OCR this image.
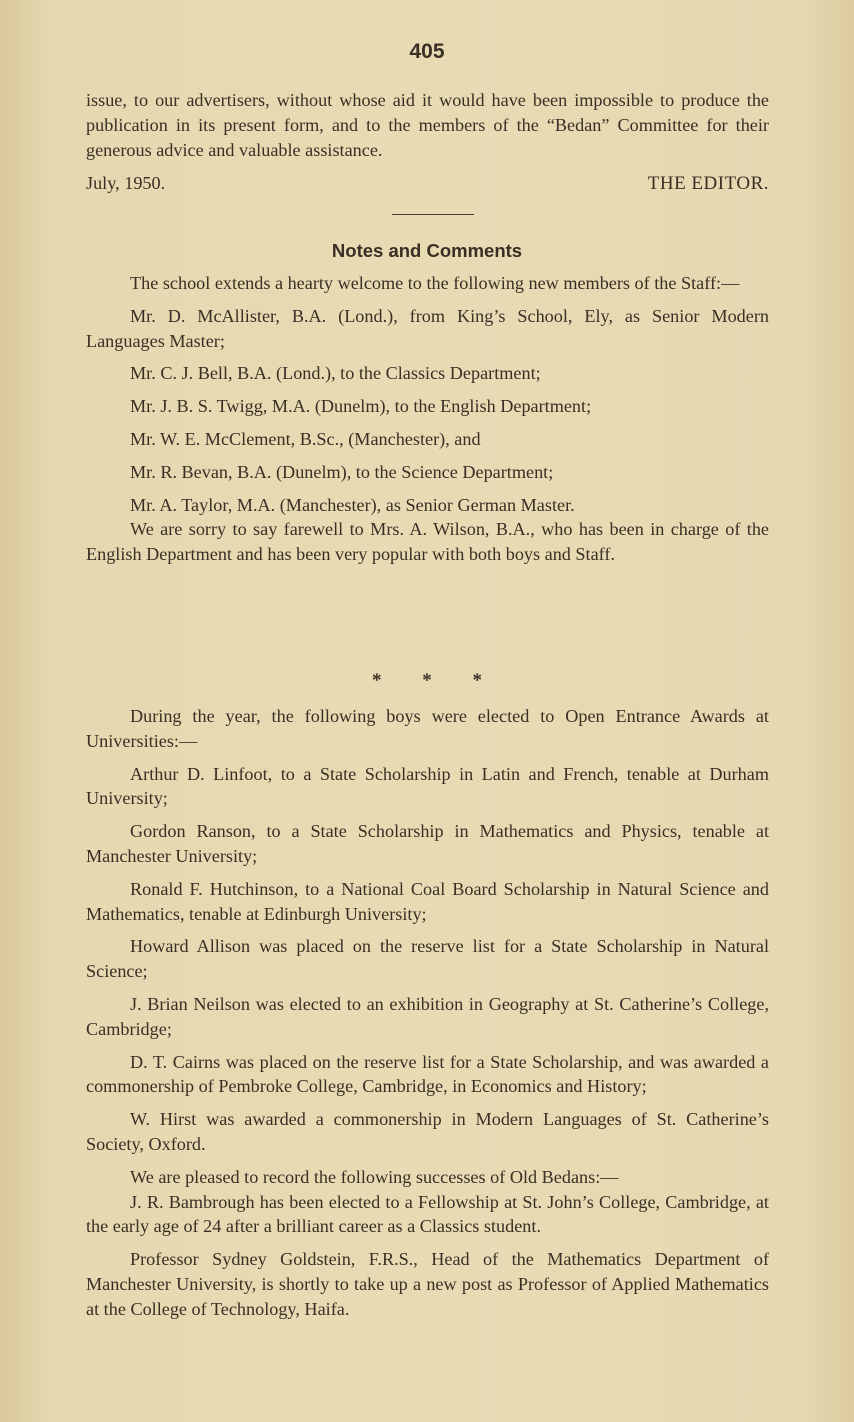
405

issue, to our advertisers, without whose aid it would have been impossible to produce the publication in its present form, and to the members of the “Bedan” Committee for their generous advice and valuable assistance.

July, 1950.	THE EDITOR.
Notes and Comments

The school extends a hearty welcome to the following new members of the Staff:—

Mr. D. McAllister, B.A. (Lond.), from King’s School, Ely, as Senior Modern Languages Master;

Mr. C. J. Bell, B.A. (Lond.), to the Classics Department;

Mr. J. B. S. Twigg, M.A. (Dunelm), to the English Department;

Mr. W. E. McClement, B.Sc., (Manchester), and

Mr. R. Bevan, B.A. (Dunelm), to the Science Department;

Mr. A. Taylor, M.A. (Manchester), as Senior German Master.

We are sorry to say farewell to Mrs. A. Wilson, B.A., who has been in charge of the English Department and has been very popular with both boys and Staff.

* * *

During the year, the following boys were elected to Open Entrance Awards at Universities:—

Arthur D. Linfoot, to a State Scholarship in Latin and French, tenable at Durham University;

Gordon Ranson, to a State Scholarship in Mathematics and Physics, tenable at Manchester University;

Ronald F. Hutchinson, to a National Coal Board Scholarship in Natural Science and Mathematics, tenable at Edinburgh University;

Howard Allison was placed on the reserve list for a State Scholarship in Natural Science;

J. Brian Neilson was elected to an exhibition in Geography at St. Catherine’s College, Cambridge;

D. T. Cairns was placed on the reserve list for a State Scholarship, and was awarded a commonership of Pembroke College, Cambridge, in Economics and History;

W. Hirst was awarded a commonership in Modern Languages of St. Catherine’s Society, Oxford.

We are pleased to record the following successes of Old Bedans:—

J. R. Bambrough has been elected to a Fellowship at St. John’s College, Cambridge, at the early age of 24 after a brilliant career as a Classics student.

Professor Sydney Goldstein, F.R.S., Head of the Mathematics Department of Manchester University, is shortly to take up a new post as Professor of Applied Mathematics at the College of Technology, Haifa.
